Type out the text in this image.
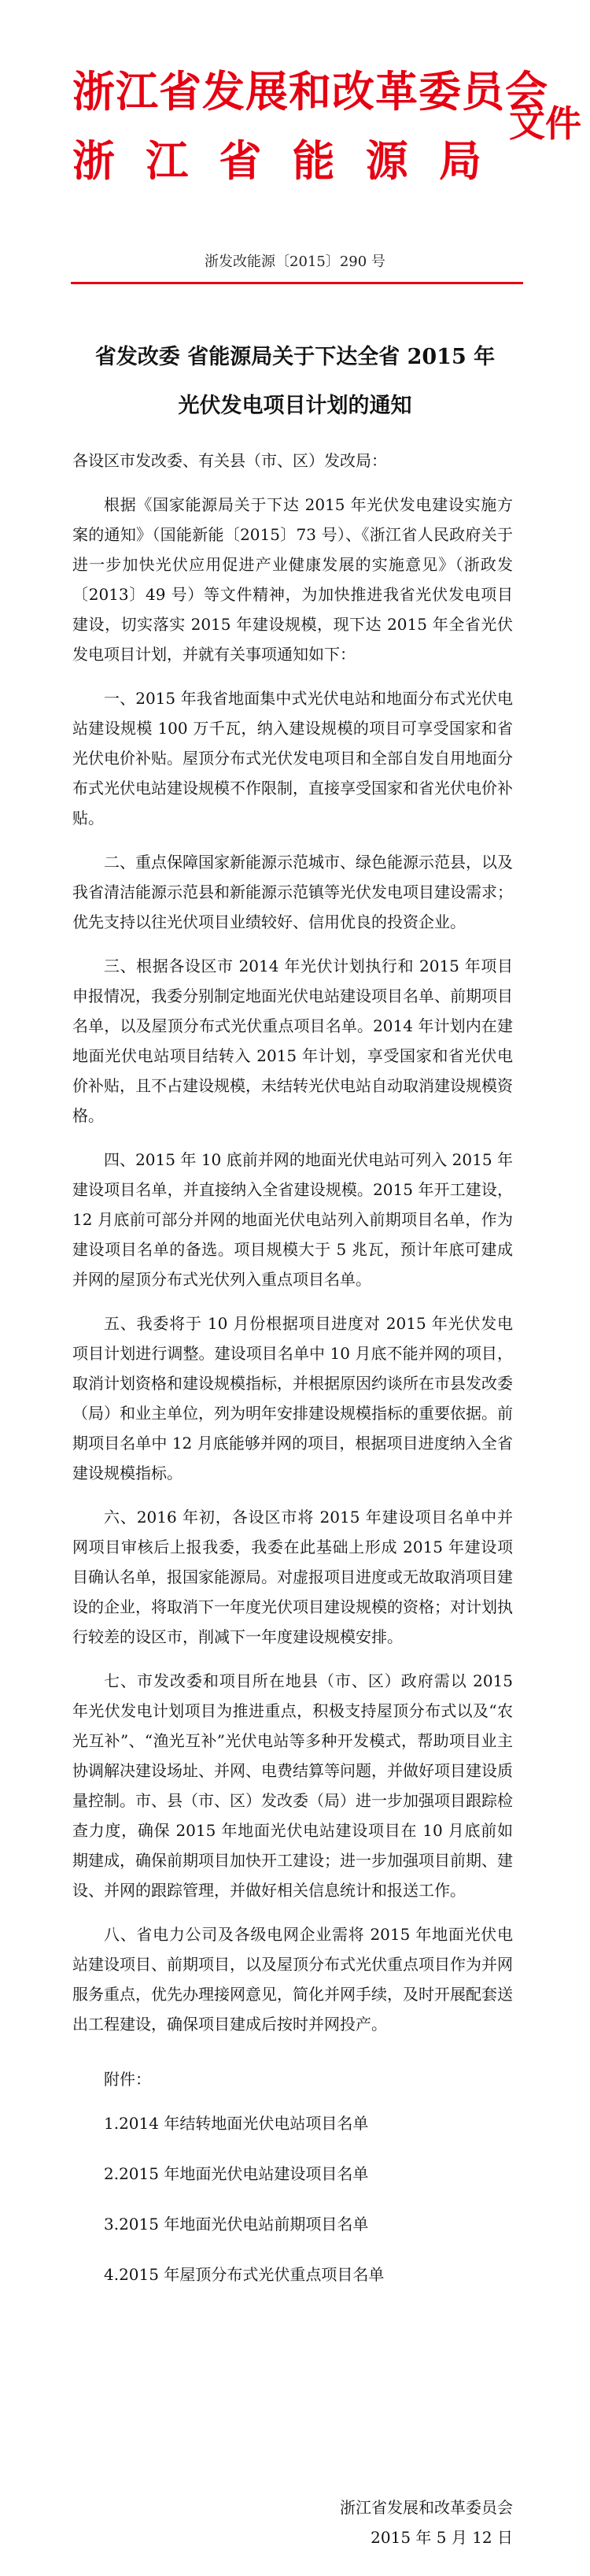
浙江省发展和改革委员会
浙 江 省 能 源 局
文件
浙发改能源〔2015〕290 号
省发改委 省能源局关于下达全省 2015 年
光伏发电项目计划的通知

各设区市发改委、有关县（市、区）发改局：

根据《国家能源局关于下达 2015 年光伏发电建设实施方案的通知》（国能新能〔2015〕73 号）、《浙江省人民政府关于进一步加快光伏应用促进产业健康发展的实施意见》（浙政发〔2013〕49 号）等文件精神，为加快推进我省光伏发电项目建设，切实落实 2015 年建设规模，现下达 2015 年全省光伏发电项目计划，并就有关事项通知如下：

一、2015 年我省地面集中式光伏电站和地面分布式光伏电站建设规模 100 万千瓦，纳入建设规模的项目可享受国家和省光伏电价补贴。屋顶分布式光伏发电项目和全部自发自用地面分布式光伏电站建设规模不作限制，直接享受国家和省光伏电价补贴。

二、重点保障国家新能源示范城市、绿色能源示范县，以及我省清洁能源示范县和新能源示范镇等光伏发电项目建设需求；优先支持以往光伏项目业绩较好、信用优良的投资企业。

三、根据各设区市 2014 年光伏计划执行和 2015 年项目申报情况，我委分别制定地面光伏电站建设项目名单、前期项目名单，以及屋顶分布式光伏重点项目名单。2014 年计划内在建地面光伏电站项目结转入 2015 年计划，享受国家和省光伏电价补贴，且不占建设规模，未结转光伏电站自动取消建设规模资格。

四、2015 年 10 底前并网的地面光伏电站可列入 2015 年建设项目名单，并直接纳入全省建设规模。2015 年开工建设，12 月底前可部分并网的地面光伏电站列入前期项目名单，作为建设项目名单的备选。项目规模大于 5 兆瓦，预计年底可建成并网的屋顶分布式光伏列入重点项目名单。

五、我委将于 10 月份根据项目进度对 2015 年光伏发电项目计划进行调整。建设项目名单中 10 月底不能并网的项目，取消计划资格和建设规模指标，并根据原因约谈所在市县发改委（局）和业主单位，列为明年安排建设规模指标的重要依据。前期项目名单中 12 月底能够并网的项目，根据项目进度纳入全省建设规模指标。

六、2016 年初，各设区市将 2015 年建设项目名单中并网项目审核后上报我委，我委在此基础上形成 2015 年建设项目确认名单，报国家能源局。对虚报项目进度或无故取消项目建设的企业，将取消下一年度光伏项目建设规模的资格；对计划执行较差的设区市，削减下一年度建设规模安排。

七、市发改委和项目所在地县（市、区）政府需以 2015 年光伏发电计划项目为推进重点，积极支持屋顶分布式以及“农光互补”、“渔光互补”光伏电站等多种开发模式，帮助项目业主协调解决建设场址、并网、电费结算等问题，并做好项目建设质量控制。市、县（市、区）发改委（局）进一步加强项目跟踪检查力度，确保 2015 年地面光伏电站建设项目在 10 月底前如期建成，确保前期项目加快开工建设；进一步加强项目前期、建设、并网的跟踪管理，并做好相关信息统计和报送工作。

八、省电力公司及各级电网企业需将 2015 年地面光伏电站建设项目、前期项目，以及屋顶分布式光伏重点项目作为并网服务重点，优先办理接网意见，简化并网手续，及时开展配套送出工程建设，确保项目建成后按时并网投产。

附件：

1.2014 年结转地面光伏电站项目名单

2.2015 年地面光伏电站建设项目名单

3.2015 年地面光伏电站前期项目名单

4.2015 年屋顶分布式光伏重点项目名单

浙江省发展和改革委员会
2015 年 5 月 12 日
